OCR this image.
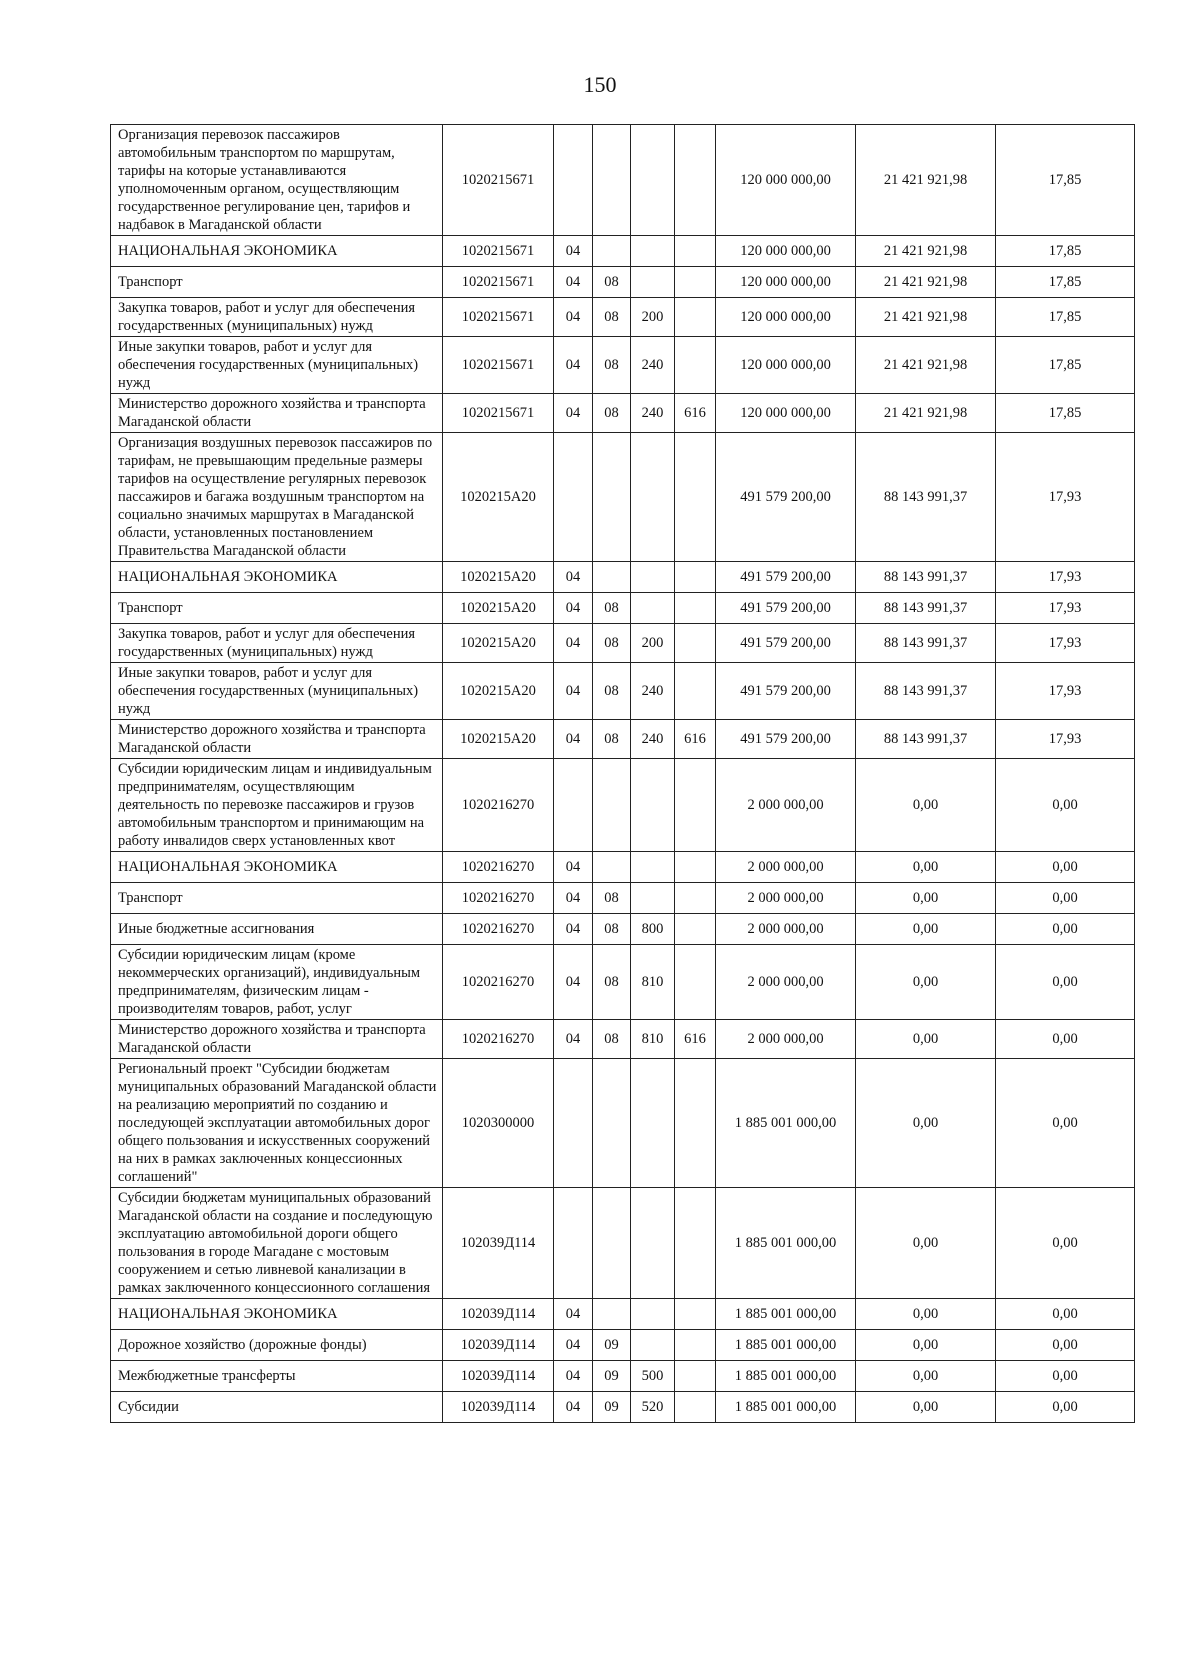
150
Организация перевозок пассажиров автомобильным транспортом по маршрутам, тарифы на которые устанавливаются уполномоченным органом, осуществляющим государственное регулирование цен, тарифов и надбавок в Магаданской области	1020215671					120 000 000,00	21 421 921,98	17,85
НАЦИОНАЛЬНАЯ ЭКОНОМИКА	1020215671	04				120 000 000,00	21 421 921,98	17,85
Транспорт	1020215671	04	08			120 000 000,00	21 421 921,98	17,85
Закупка товаров, работ и услуг для обеспечения государственных (муниципальных) нужд	1020215671	04	08	200		120 000 000,00	21 421 921,98	17,85
Иные закупки товаров, работ и услуг для обеспечения государственных (муниципальных) нужд	1020215671	04	08	240		120 000 000,00	21 421 921,98	17,85
Министерство дорожного хозяйства и транспорта Магаданской области	1020215671	04	08	240	616	120 000 000,00	21 421 921,98	17,85
Организация воздушных перевозок пассажиров по тарифам, не превышающим предельные размеры тарифов на осуществление регулярных перевозок пассажиров и багажа воздушным транспортом на социально значимых маршрутах в Магаданской области, установленных постановлением Правительства Магаданской области	1020215А20					491 579 200,00	88 143 991,37	17,93
НАЦИОНАЛЬНАЯ ЭКОНОМИКА	1020215А20	04				491 579 200,00	88 143 991,37	17,93
Транспорт	1020215А20	04	08			491 579 200,00	88 143 991,37	17,93
Закупка товаров, работ и услуг для обеспечения государственных (муниципальных) нужд	1020215А20	04	08	200		491 579 200,00	88 143 991,37	17,93
Иные закупки товаров, работ и услуг для обеспечения государственных (муниципальных) нужд	1020215А20	04	08	240		491 579 200,00	88 143 991,37	17,93
Министерство дорожного хозяйства и транспорта Магаданской области	1020215А20	04	08	240	616	491 579 200,00	88 143 991,37	17,93
Субсидии юридическим лицам и индивидуальным предпринимателям, осуществляющим деятельность по перевозке пассажиров и грузов автомобильным транспортом и принимающим на работу инвалидов сверх установленных квот	1020216270					2 000 000,00	0,00	0,00
НАЦИОНАЛЬНАЯ ЭКОНОМИКА	1020216270	04				2 000 000,00	0,00	0,00
Транспорт	1020216270	04	08			2 000 000,00	0,00	0,00
Иные бюджетные ассигнования	1020216270	04	08	800		2 000 000,00	0,00	0,00
Субсидии юридическим лицам (кроме некоммерческих организаций), индивидуальным предпринимателям, физическим лицам - производителям товаров, работ, услуг	1020216270	04	08	810		2 000 000,00	0,00	0,00
Министерство дорожного хозяйства и транспорта Магаданской области	1020216270	04	08	810	616	2 000 000,00	0,00	0,00
Региональный проект "Субсидии бюджетам муниципальных образований Магаданской области на реализацию мероприятий по созданию и последующей эксплуатации автомобильных дорог общего пользования и искусственных сооружений на них в рамках заключенных концессионных соглашений"	1020300000					1 885 001 000,00	0,00	0,00
Субсидии бюджетам муниципальных образований Магаданской области на создание и последующую эксплуатацию автомобильной дороги общего пользования в городе Магадане с мостовым сооружением и сетью ливневой канализации в рамках заключенного концессионного соглашения	102039Д114					1 885 001 000,00	0,00	0,00
НАЦИОНАЛЬНАЯ ЭКОНОМИКА	102039Д114	04				1 885 001 000,00	0,00	0,00
Дорожное хозяйство (дорожные фонды)	102039Д114	04	09			1 885 001 000,00	0,00	0,00
Межбюджетные трансферты	102039Д114	04	09	500		1 885 001 000,00	0,00	0,00
Субсидии	102039Д114	04	09	520		1 885 001 000,00	0,00	0,00
